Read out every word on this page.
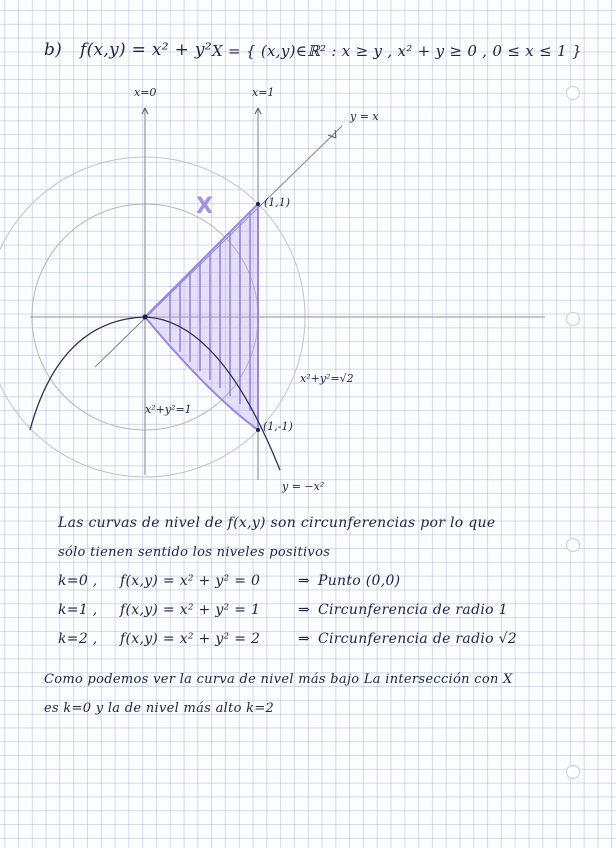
b) f(x,y) = x² + y² X = { (x,y)∈ℝ² : x ≥ y , x² + y ≥ 0 , 0 ≤ x ≤ 1 }
x=0	x=1
y = x
X	(1,1)
x²+y²=√2
x²+y²=1
(1,-1)
y = −x²
Las curvas de nivel de f(x,y) son circunferencias por lo que
sólo tienen sentido los niveles positivos
k=0 , f(x,y) = x² + y² = 0	⇒ Punto (0,0)
k=1 , f(x,y) = x² + y² = 1	⇒ Circunferencia de radio 1
k=2 , f(x,y) = x² + y² = 2	⇒ Circunferencia de radio √2
Como podemos ver la curva de nivel más bajo La intersección con X
es k=0 y la de nivel más alto k=2
